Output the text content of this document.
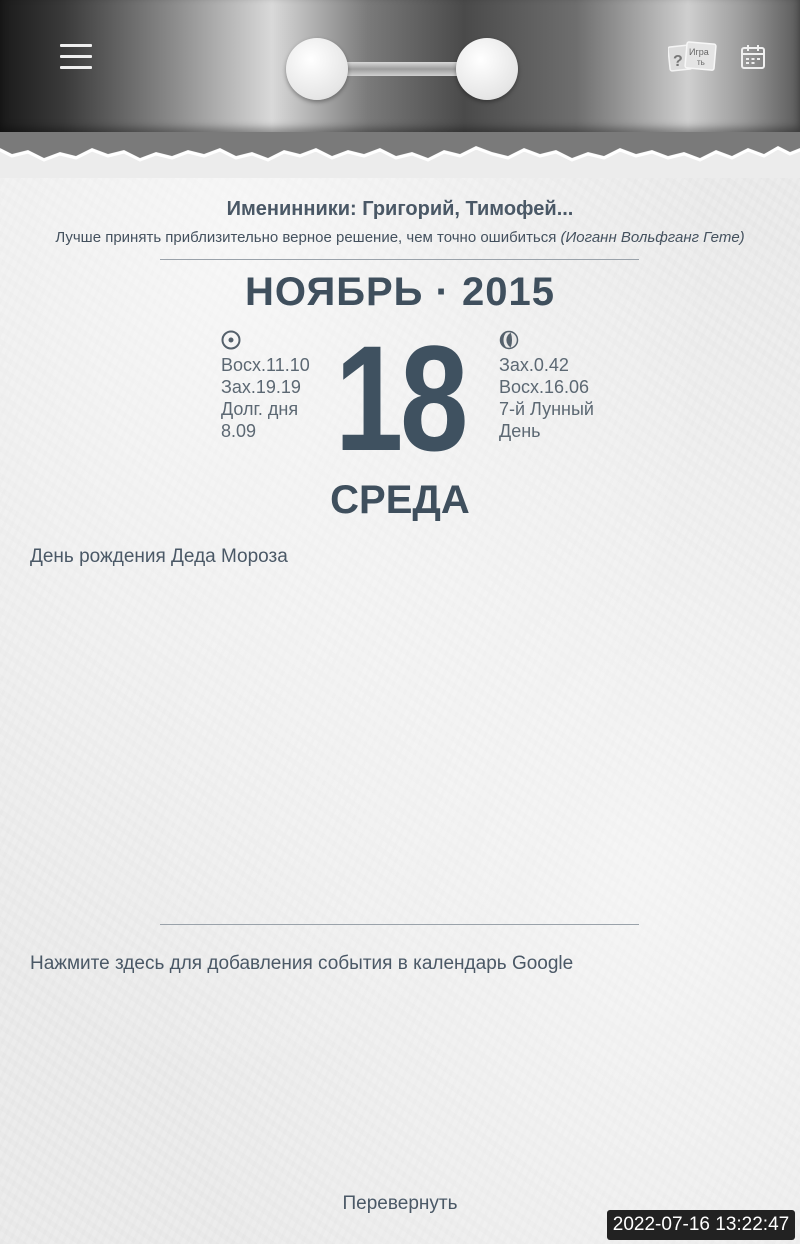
?
Игра
ть
Именинники: Григорий, Тимофей...
Лучше принять приблизительно верное решение, чем точно ошибиться (Иоганн Вольфганг Гете)
НОЯБРЬ · 2015
Восх.11.10
Зах.19.19
Долг. дня
8.09 18 Зах.0.42
Восх.16.06
7-й Лунный
День
СРЕДА
День рождения Деда Мороза
Нажмите здесь для добавления события в календарь Google
Перевернуть
2022-07-16 13:22:47
